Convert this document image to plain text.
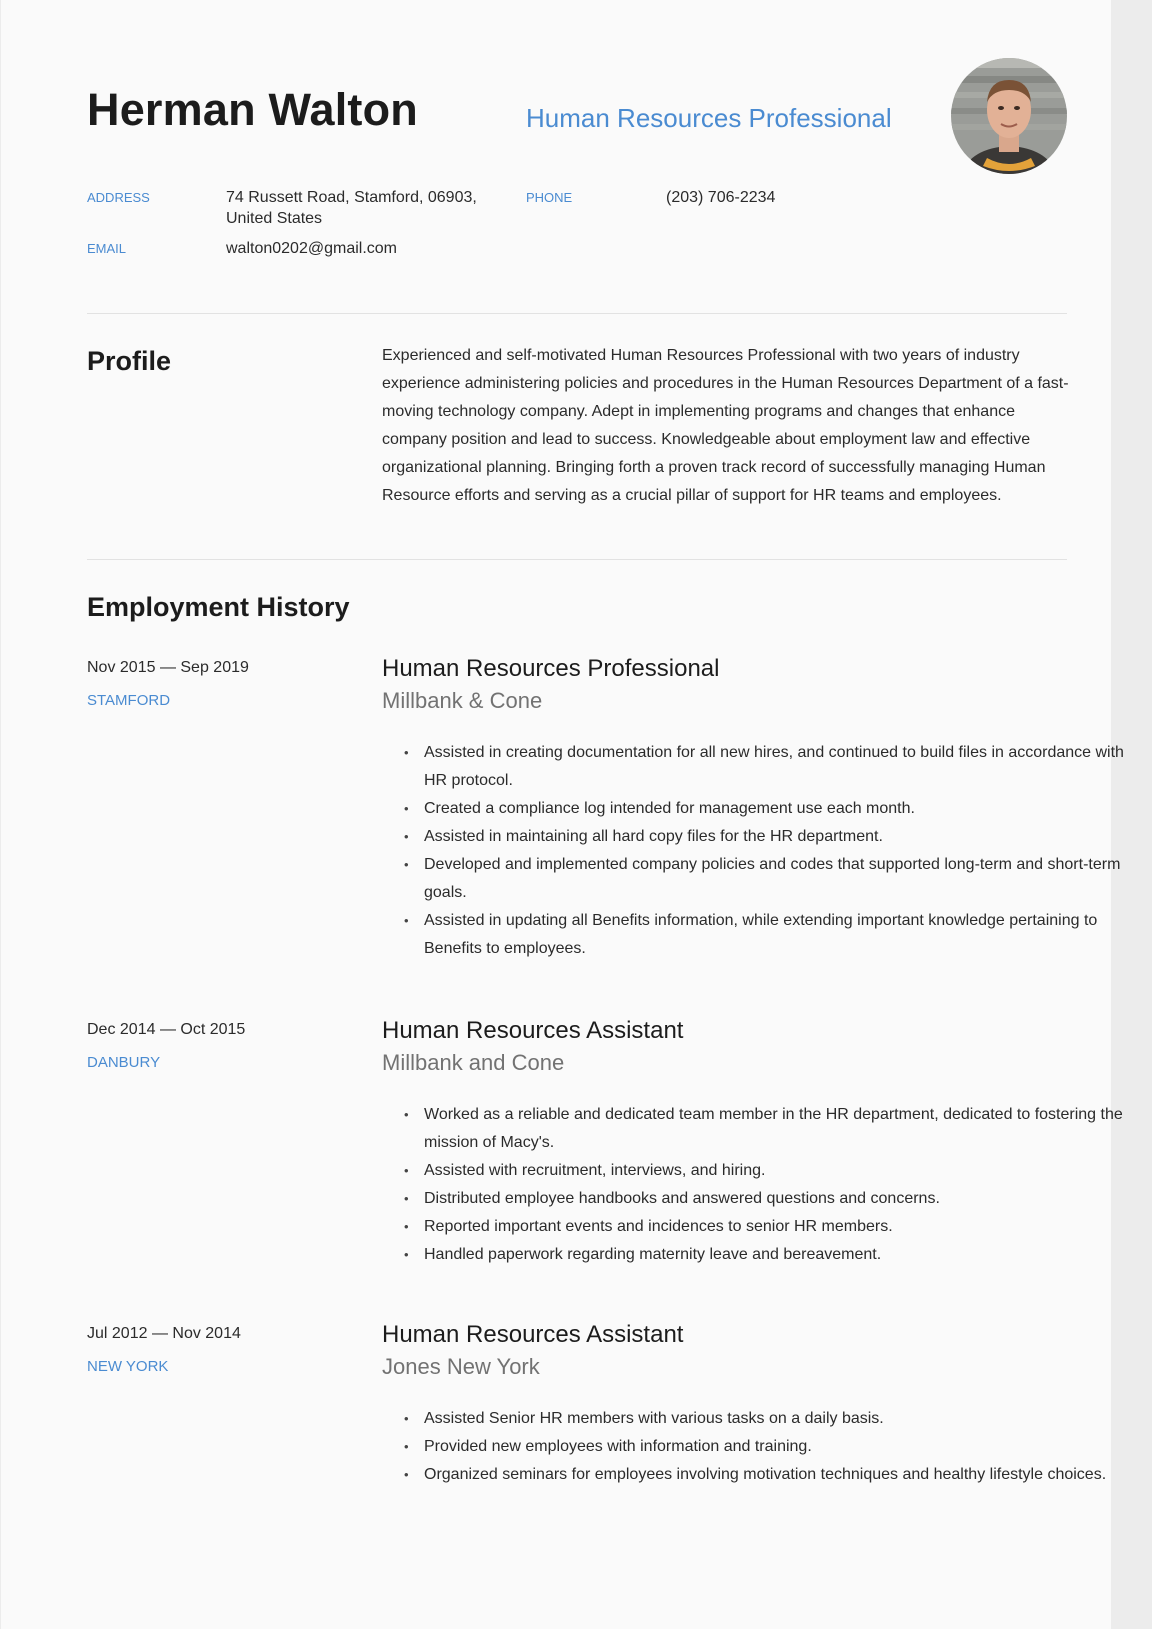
Herman Walton	Human Resources Professional
ADDRESS	74 Russett Road, Stamford, 06903,
United States
PHONE	(203) 706-2234
EMAIL	walton0202@gmail.com
Profile	Experienced and self-motivated Human Resources Professional with two years of industry experience administering policies and procedures in the Human Resources Department of a fast-moving technology company. Adept in implementing programs and changes that enhance company position and lead to success. Knowledgeable about employment law and effective organizational planning. Bringing forth a proven track record of successfully managing Human Resource efforts and serving as a crucial pillar of support for HR teams and employees.

Employment History
Nov 2015 — Sep 2019
STAMFORD
Human Resources Professional
Millbank & Cone
• Assisted in creating documentation for all new hires, and continued to build files in accordance with HR protocol.
• Created a compliance log intended for management use each month.
• Assisted in maintaining all hard copy files for the HR department.
• Developed and implemented company policies and codes that supported long-term and short-term goals.
• Assisted in updating all Benefits information, while extending important knowledge pertaining to Benefits to employees.
Dec 2014 — Oct 2015
DANBURY
Human Resources Assistant
Millbank and Cone
• Worked as a reliable and dedicated team member in the HR department, dedicated to fostering the mission of Macy's.
• Assisted with recruitment, interviews, and hiring.
• Distributed employee handbooks and answered questions and concerns.
• Reported important events and incidences to senior HR members.
• Handled paperwork regarding maternity leave and bereavement.
Jul 2012 — Nov 2014
NEW YORK
Human Resources Assistant
Jones New York
• Assisted Senior HR members with various tasks on a daily basis.
• Provided new employees with information and training.
• Organized seminars for employees involving motivation techniques and healthy lifestyle choices.
